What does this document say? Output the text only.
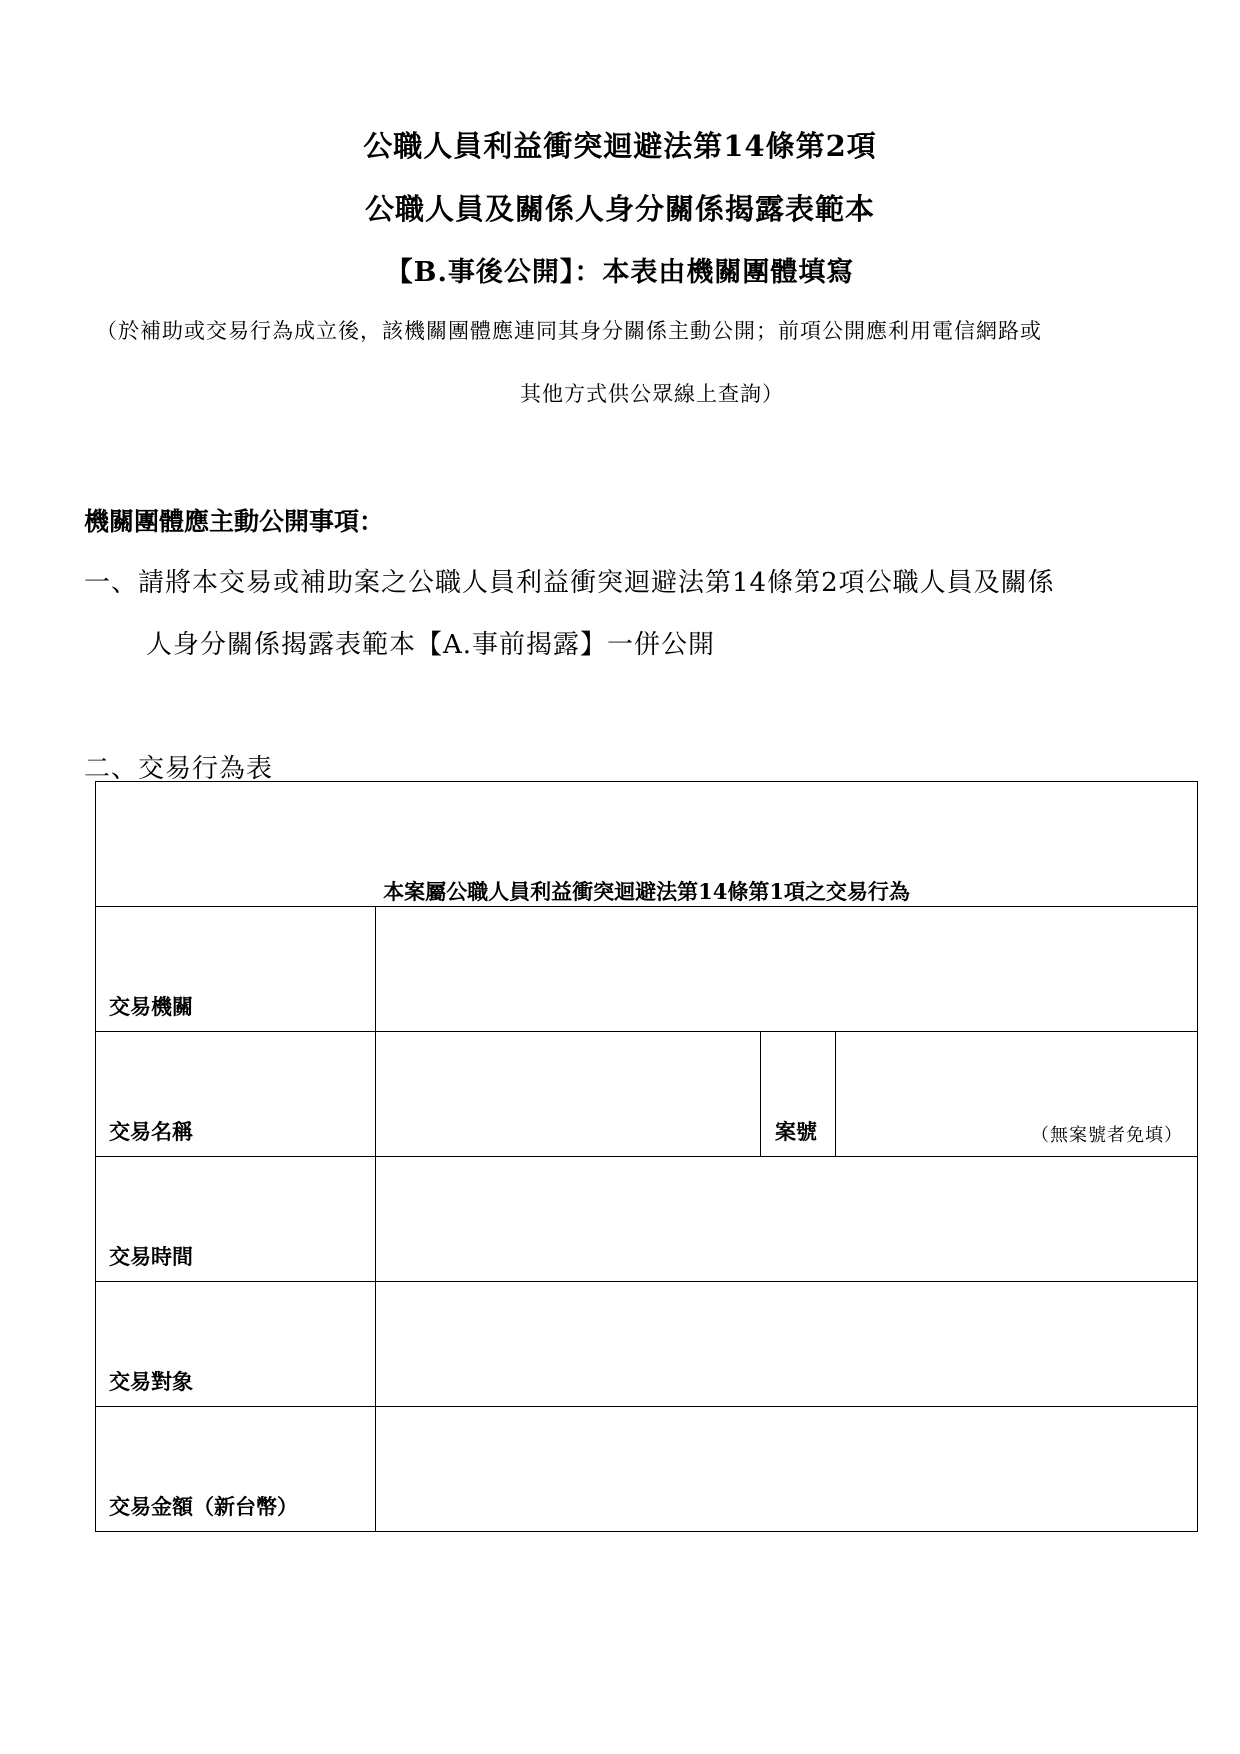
公職人員利益衝突迴避法第14條第2項
公職人員及關係人身分關係揭露表範本
【B.事後公開】：本表由機關團體填寫
（於補助或交易行為成立後，該機關團體應連同其身分關係主動公開；前項公開應利用電信網路或
其他方式供公眾線上查詢）
機關團體應主動公開事項：
一、請將本交易或補助案之公職人員利益衝突迴避法第14條第2項公職人員及關係
人身分關係揭露表範本【A.事前揭露】一併公開
二、交易行為表
本案屬公職人員利益衝突迴避法第14條第1項之交易行為			

交易機關			

交易名稱		案號	（無案號者免填）

交易時間			

交易對象			

交易金額（新台幣）			
